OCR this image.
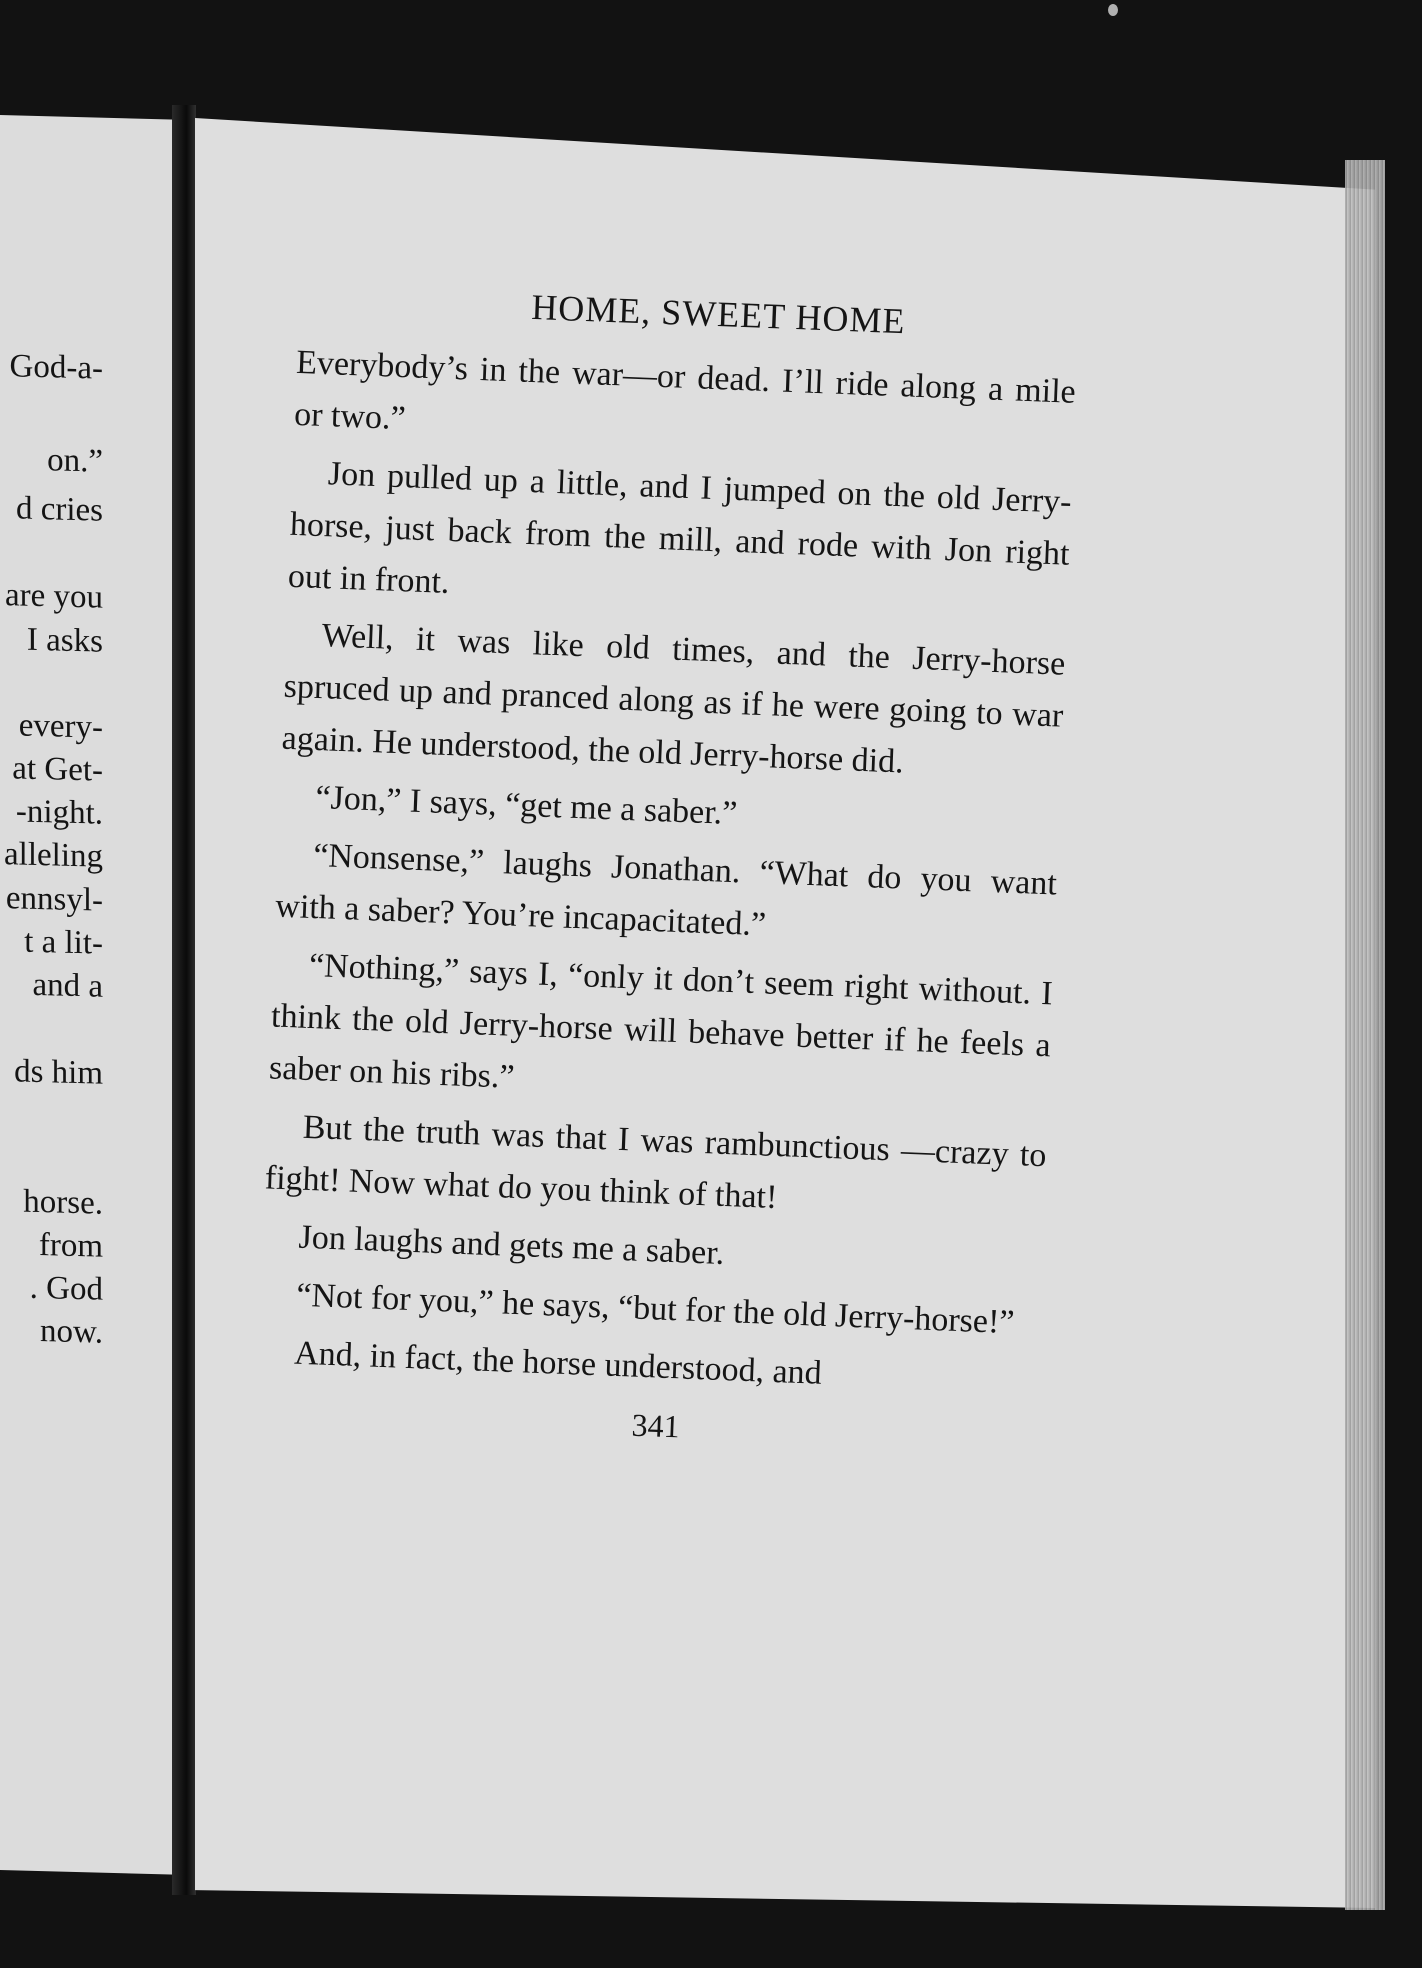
God-a-
on.”
d cries
are you
I asks
every-
at Get-
-night.
alleling
ennsyl-
t a lit-
and a
ds him
horse.
from
. God
now.
HOME, SWEET HOME

Everybody’s in the war—or dead. I’ll ride along a mile or two.”

Jon pulled up a little, and I jumped on the old Jerry-horse, just back from the mill, and rode with Jon right out in front.

Well, it was like old times, and the Jerry-horse spruced up and pranced along as if he were going to war again. He understood, the old Jerry-horse did.

“Jon,” I says, “get me a saber.”

“Nonsense,” laughs Jonathan. “What do you want with a saber? You’re incapacitated.”

“Nothing,” says I, “only it don’t seem right without. I think the old Jerry-horse will behave better if he feels a saber on his ribs.”

But the truth was that I was rambunctious —crazy to fight! Now what do you think of that!

Jon laughs and gets me a saber.

“Not for you,” he says, “but for the old Jerry-horse!”

And, in fact, the horse understood, and

341
